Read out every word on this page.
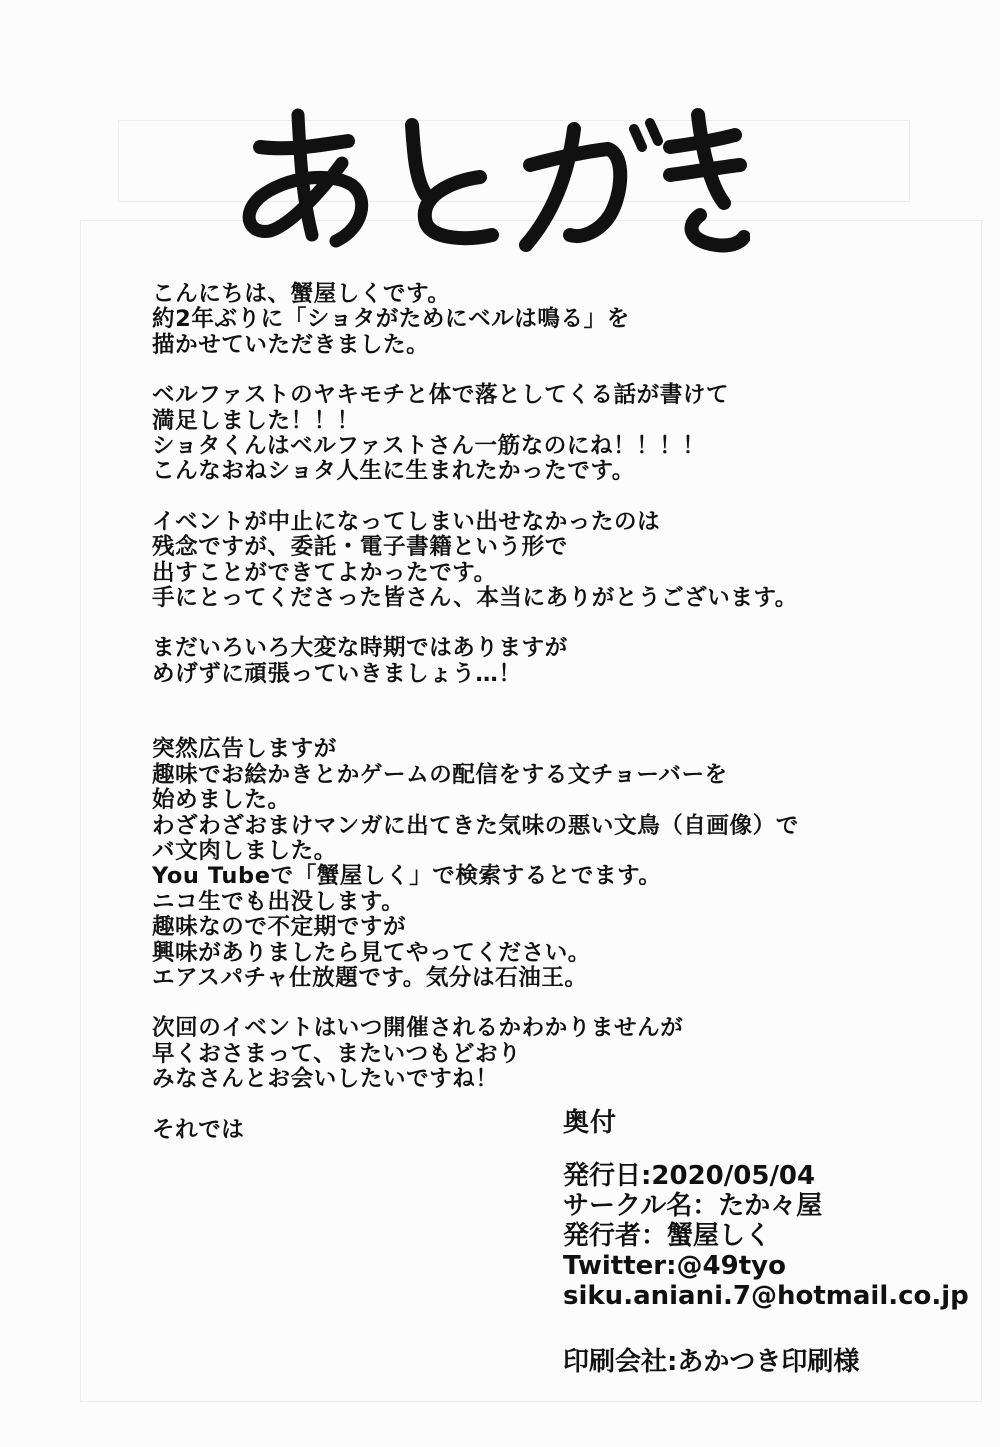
こんにちは、蟹屋しくです。
約2年ぶりに「ショタがためにベルは鳴る」を
描かせていただきました。
ベルファストのヤキモチと体で落としてくる話が書けて
満足しました！！！
ショタくんはベルファストさん一筋なのにね！！！！
こんなおねショタ人生に生まれたかったです。
イベントが中止になってしまい出せなかったのは
残念ですが、委託・電子書籍という形で
出すことができてよかったです。
手にとってくださった皆さん、本当にありがとうございます。
まだいろいろ大変な時期ではありますが
めげずに頑張っていきましょう…！
突然広告しますが
趣味でお絵かきとかゲームの配信をする文チョーバーを
始めました。
わざわざおまけマンガに出てきた気味の悪い文鳥（自画像）で
バ文肉しました。
You Tubeで「蟹屋しく」で検索するとでます。
ニコ生でも出没します。
趣味なので不定期ですが
興味がありましたら見てやってください。
エアスパチャ仕放題です。気分は石油王。
次回のイベントはいつ開催されるかわかりませんが
早くおさまって、またいつもどおり
みなさんとお会いしたいですね！
それでは	奥付
発行日:2020/05/04
サークル名：たか々屋
発行者：蟹屋しく
Twitter:@49tyo
siku.aniani.7@hotmail.co.jp
印刷会社:あかつき印刷様
